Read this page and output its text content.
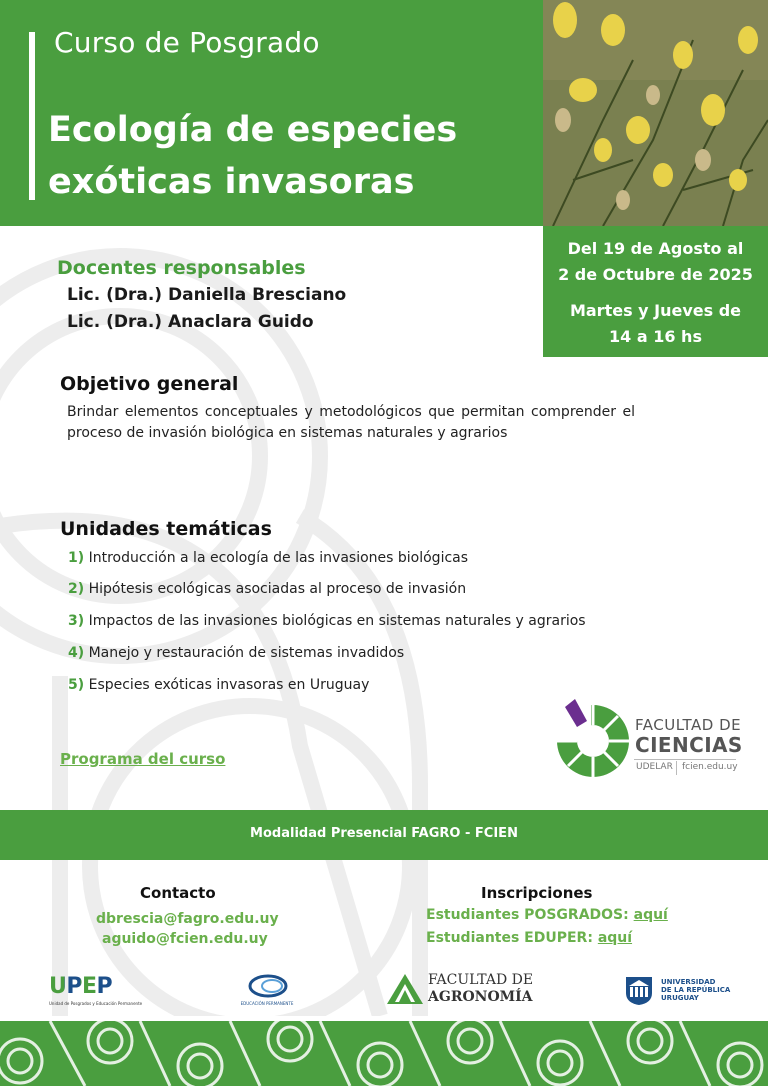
Curso de Posgrado
Ecología de especies
exóticas invasoras
Del 19 de Agosto al
2 de Octubre de 2025
Martes y Jueves de
14 a 16 hs
Docentes responsables
Lic. (Dra.) Daniella Bresciano
Lic. (Dra.) Anaclara Guido
Objetivo general
Brindar elementos conceptuales y metodológicos que permitan comprender el proceso de invasión biológica en sistemas naturales y agrarios
Unidades temáticas
1) Introducción a la ecología de las invasiones biológicas
2) Hipótesis ecológicas asociadas al proceso de invasión
3) Impactos de las invasiones biológicas en sistemas naturales y agrarios
4) Manejo y restauración de sistemas invadidos
5) Especies exóticas invasoras en Uruguay
Programa del curso
FACULTAD DE
CIENCIAS
UDELAR fcien.edu.uy
Modalidad Presencial FAGRO - FCIEN
Contacto
dbrescia@fagro.edu.uy
aguido@fcien.edu.uy
Inscripciones
Estudiantes POSGRADOS: aquí
Estudiantes EDUPER: aquí
UPEP
Unidad de Posgrados y Educación Permanente	EDUCACIÓN PERMANENTE
FACULTAD DE
AGRONOMÍA
UNIVERSIDAD
DE LA REPÚBLICA
URUGUAY
